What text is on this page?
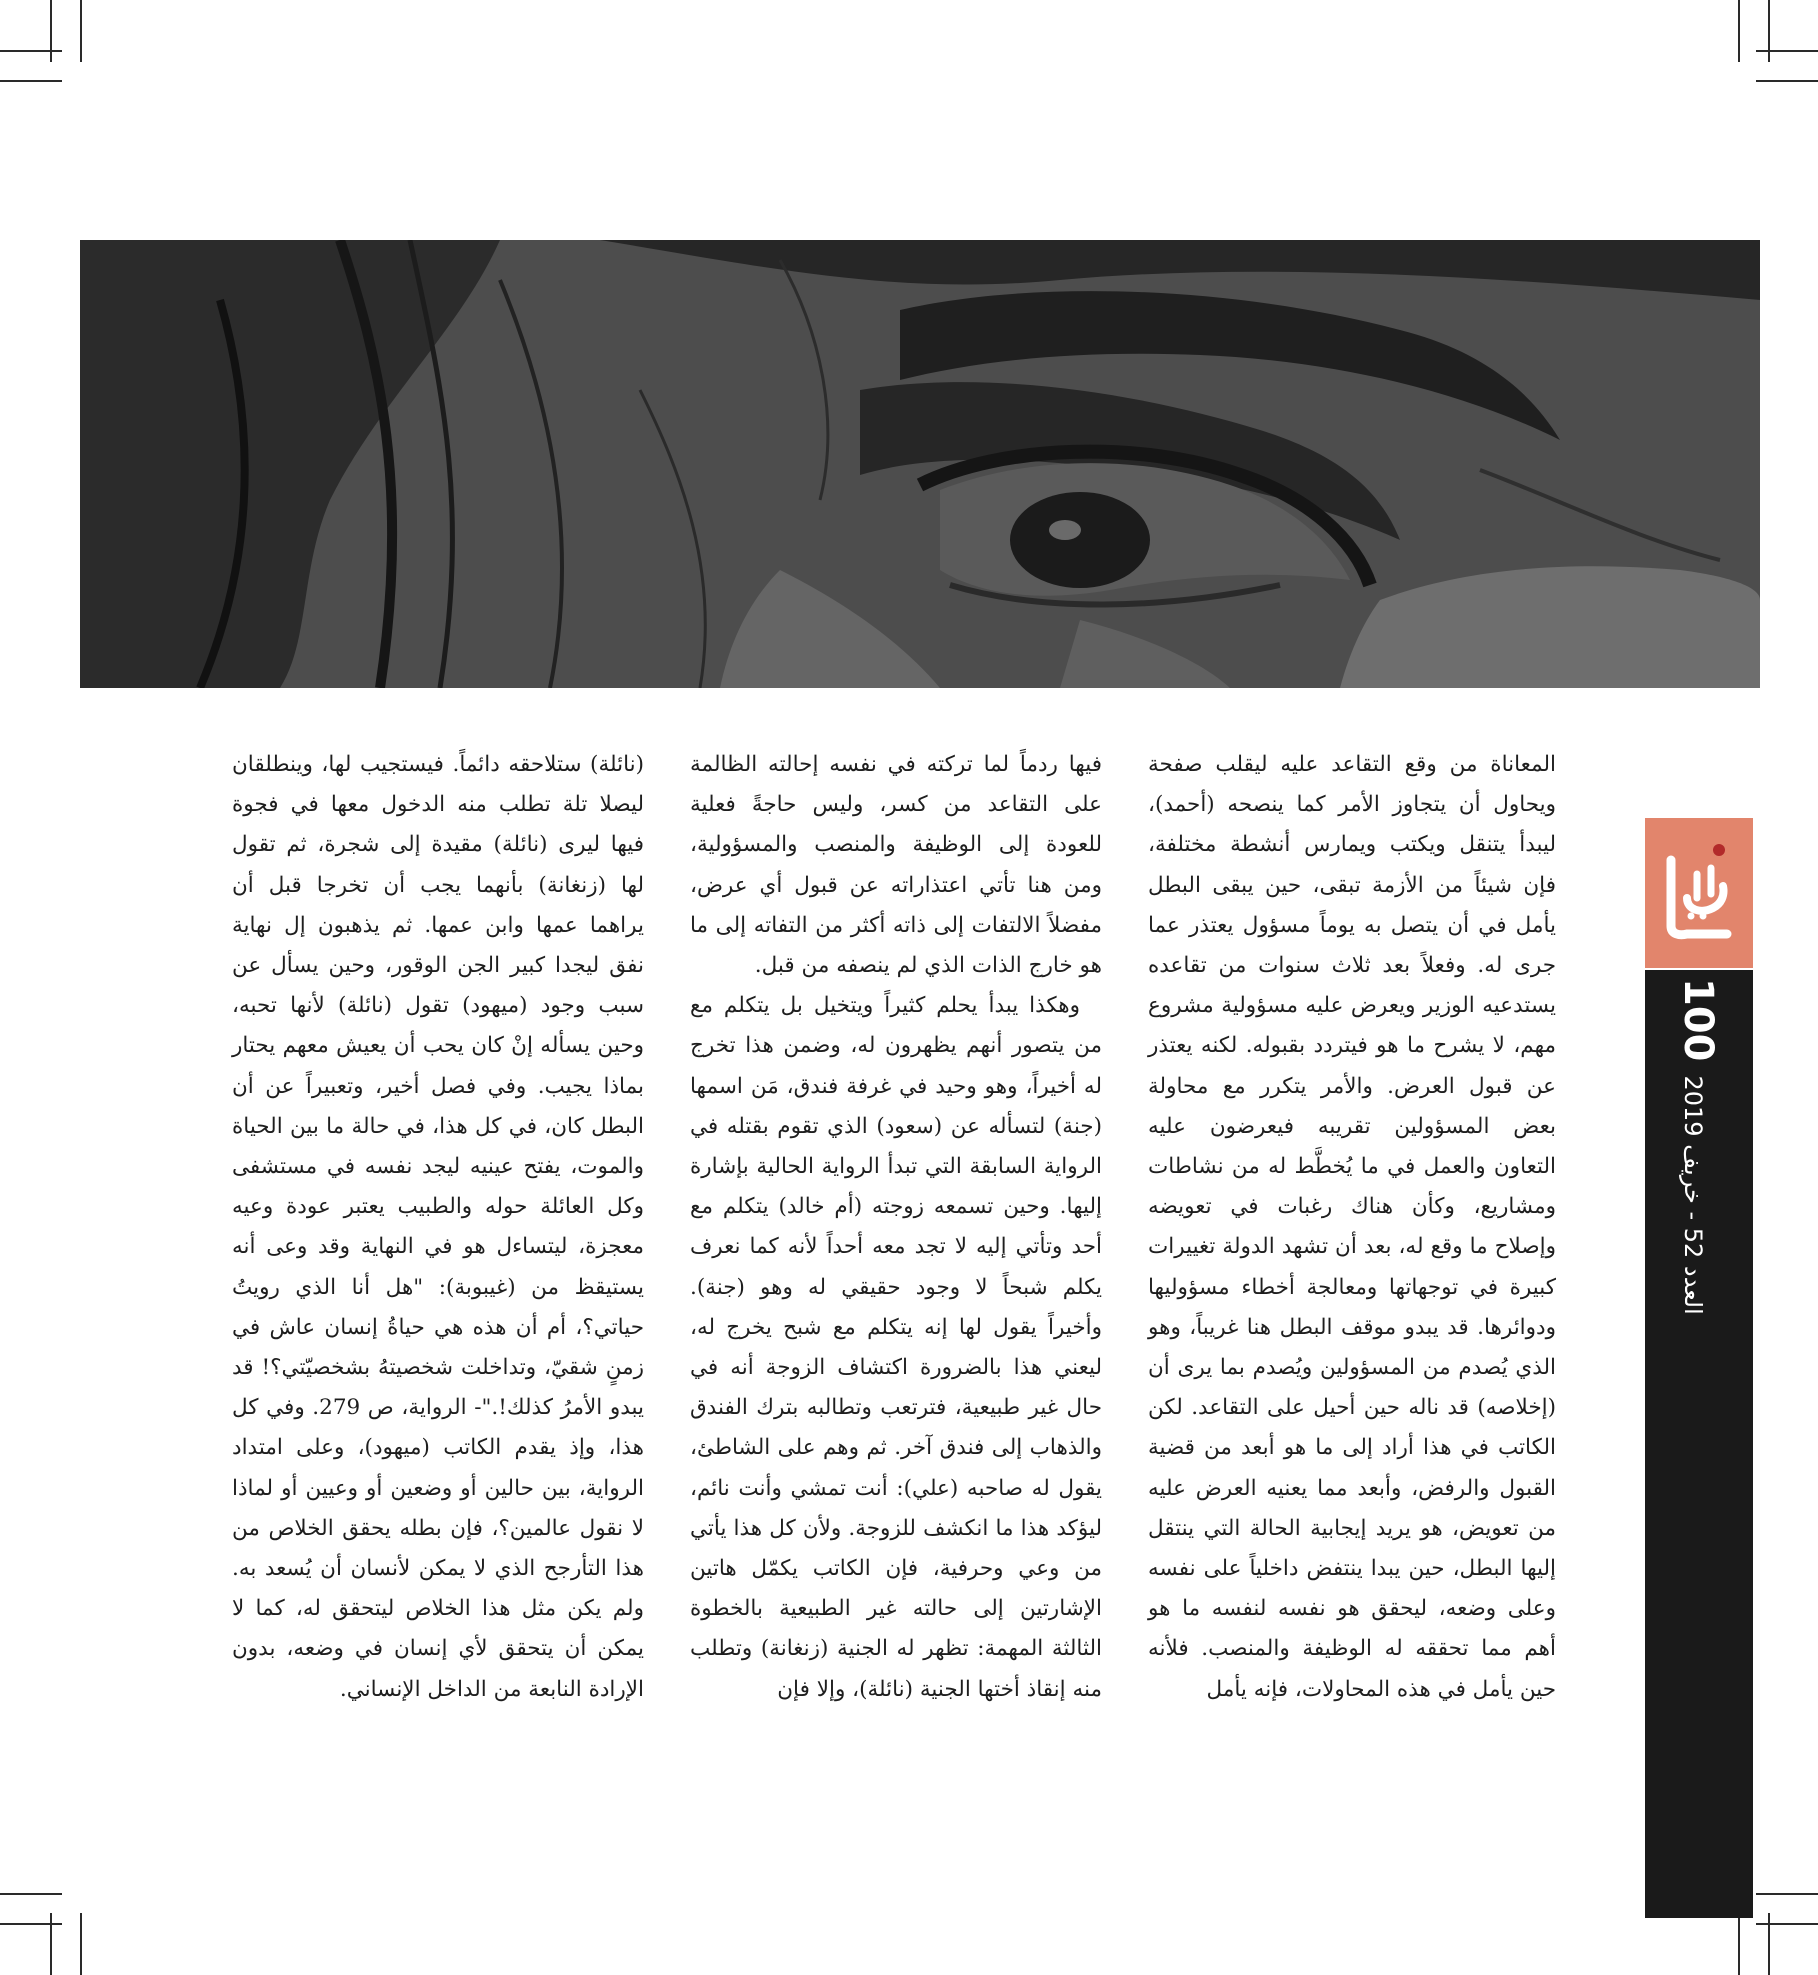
100
العدد 52 - خريف 2019

المعاناة من وقع التقاعد عليه ليقلب صفحة ويحاول أن يتجاوز الأمر كما ينصحه (أحمد)، ليبدأ يتنقل ويكتب ويمارس أنشطة مختلفة، فإن شيئاً من الأزمة تبقى، حين يبقى البطل يأمل في أن يتصل به يوماً مسؤول يعتذر عما جرى له. وفعلاً بعد ثلاث سنوات من تقاعده يستدعيه الوزير ويعرض عليه مسؤولية مشروع مهم، لا يشرح ما هو فيتردد بقبوله. لكنه يعتذر عن قبول العرض. والأمر يتكرر مع محاولة بعض المسؤولين تقريبه فيعرضون عليه التعاون والعمل في ما يُخطَّط له من نشاطات ومشاريع، وكأن هناك رغبات في تعويضه وإصلاح ما وقع له، بعد أن تشهد الدولة تغييرات كبيرة في توجهاتها ومعالجة أخطاء مسؤوليها ودوائرها. قد يبدو موقف البطل هنا غريباً، وهو الذي يُصدم من المسؤولين ويُصدم بما يرى أن (إخلاصه) قد ناله حين أحيل على التقاعد. لكن الكاتب في هذا أراد إلى ما هو أبعد من قضية القبول والرفض، وأبعد مما يعنيه العرض عليه من تعويض، هو يريد إيجابية الحالة التي ينتقل إليها البطل، حين يبدا ينتفض داخلياً على نفسه وعلى وضعه، ليحقق هو نفسه لنفسه ما هو أهم مما تحققه له الوظيفة والمنصب. فلأنه حين يأمل في هذه المحاولات، فإنه يأمل

فيها ردماً لما تركته في نفسه إحالته الظالمة على التقاعد من كسر، وليس حاجةً فعلية للعودة إلى الوظيفة والمنصب والمسؤولية، ومن هنا تأتي اعتذاراته عن قبول أي عرض، مفضلاً الالتفات إلى ذاته أكثر من التفاته إلى ما هو خارج الذات الذي لم ينصفه من قبل.

وهكذا يبدأ يحلم كثيراً ويتخيل بل يتكلم مع من يتصور أنهم يظهرون له، وضمن هذا تخرج له أخيراً، وهو وحيد في غرفة فندق، مَن اسمها (جنة) لتسأله عن (سعود) الذي تقوم بقتله في الرواية السابقة التي تبدأ الرواية الحالية بإشارة إليها. وحين تسمعه زوجته (أم خالد) يتكلم مع أحد وتأتي إليه لا تجد معه أحداً لأنه كما نعرف يكلم شبحاً لا وجود حقيقي له وهو (جنة). وأخيراً يقول لها إنه يتكلم مع شبح يخرج له، ليعني هذا بالضرورة اكتشاف الزوجة أنه في حال غير طبيعية، فترتعب وتطالبه بترك الفندق والذهاب إلى فندق آخر. ثم وهم على الشاطئ، يقول له صاحبه (علي): أنت تمشي وأنت نائم، ليؤكد هذا ما انكشف للزوجة. ولأن كل هذا يأتي من وعي وحرفية، فإن الكاتب يكمّل هاتين الإشارتين إلى حالته غير الطبيعية بالخطوة الثالثة المهمة: تظهر له الجنية (زنغانة) وتطلب منه إنقاذ أختها الجنية (نائلة)، وإلا فإن

(نائلة) ستلاحقه دائماً. فيستجيب لها، وينطلقان ليصلا تلة تطلب منه الدخول معها في فجوة فيها ليرى (نائلة) مقيدة إلى شجرة، ثم تقول لها (زنغانة) بأنهما يجب أن تخرجا قبل أن يراهما عمها وابن عمها. ثم يذهبون إل نهاية نفق ليجدا كبير الجن الوقور، وحين يسأل عن سبب وجود (ميهود) تقول (نائلة) لأنها تحبه، وحين يسأله إنْ كان يحب أن يعيش معهم يحتار بماذا يجيب. وفي فصل أخير، وتعبيراً عن أن البطل كان، في كل هذا، في حالة ما بين الحياة والموت، يفتح عينيه ليجد نفسه في مستشفى وكل العائلة حوله والطبيب يعتبر عودة وعيه معجزة، ليتساءل هو في النهاية وقد وعى أنه يستيقظ من (غيبوبة): "هل أنا الذي رويتُ حياتي؟، أم أن هذه هي حياةُ إنسان عاش في زمنٍ شقيّ، وتداخلت شخصيتهُ بشخصيّتي؟! قد يبدو الأمرُ كذلك!."- الرواية، ص 279. وفي كل هذا، وإذ يقدم الكاتب (ميهود)، وعلى امتداد الرواية، بين حالين أو وضعين أو وعيين أو لماذا لا نقول عالمين؟، فإن بطله يحقق الخلاص من هذا التأرجح الذي لا يمكن لأنسان أن يُسعد به. ولم يكن مثل هذا الخلاص ليتحقق له، كما لا يمكن أن يتحقق لأي إنسان في وضعه، بدون الإرادة النابعة من الداخل الإنساني.
